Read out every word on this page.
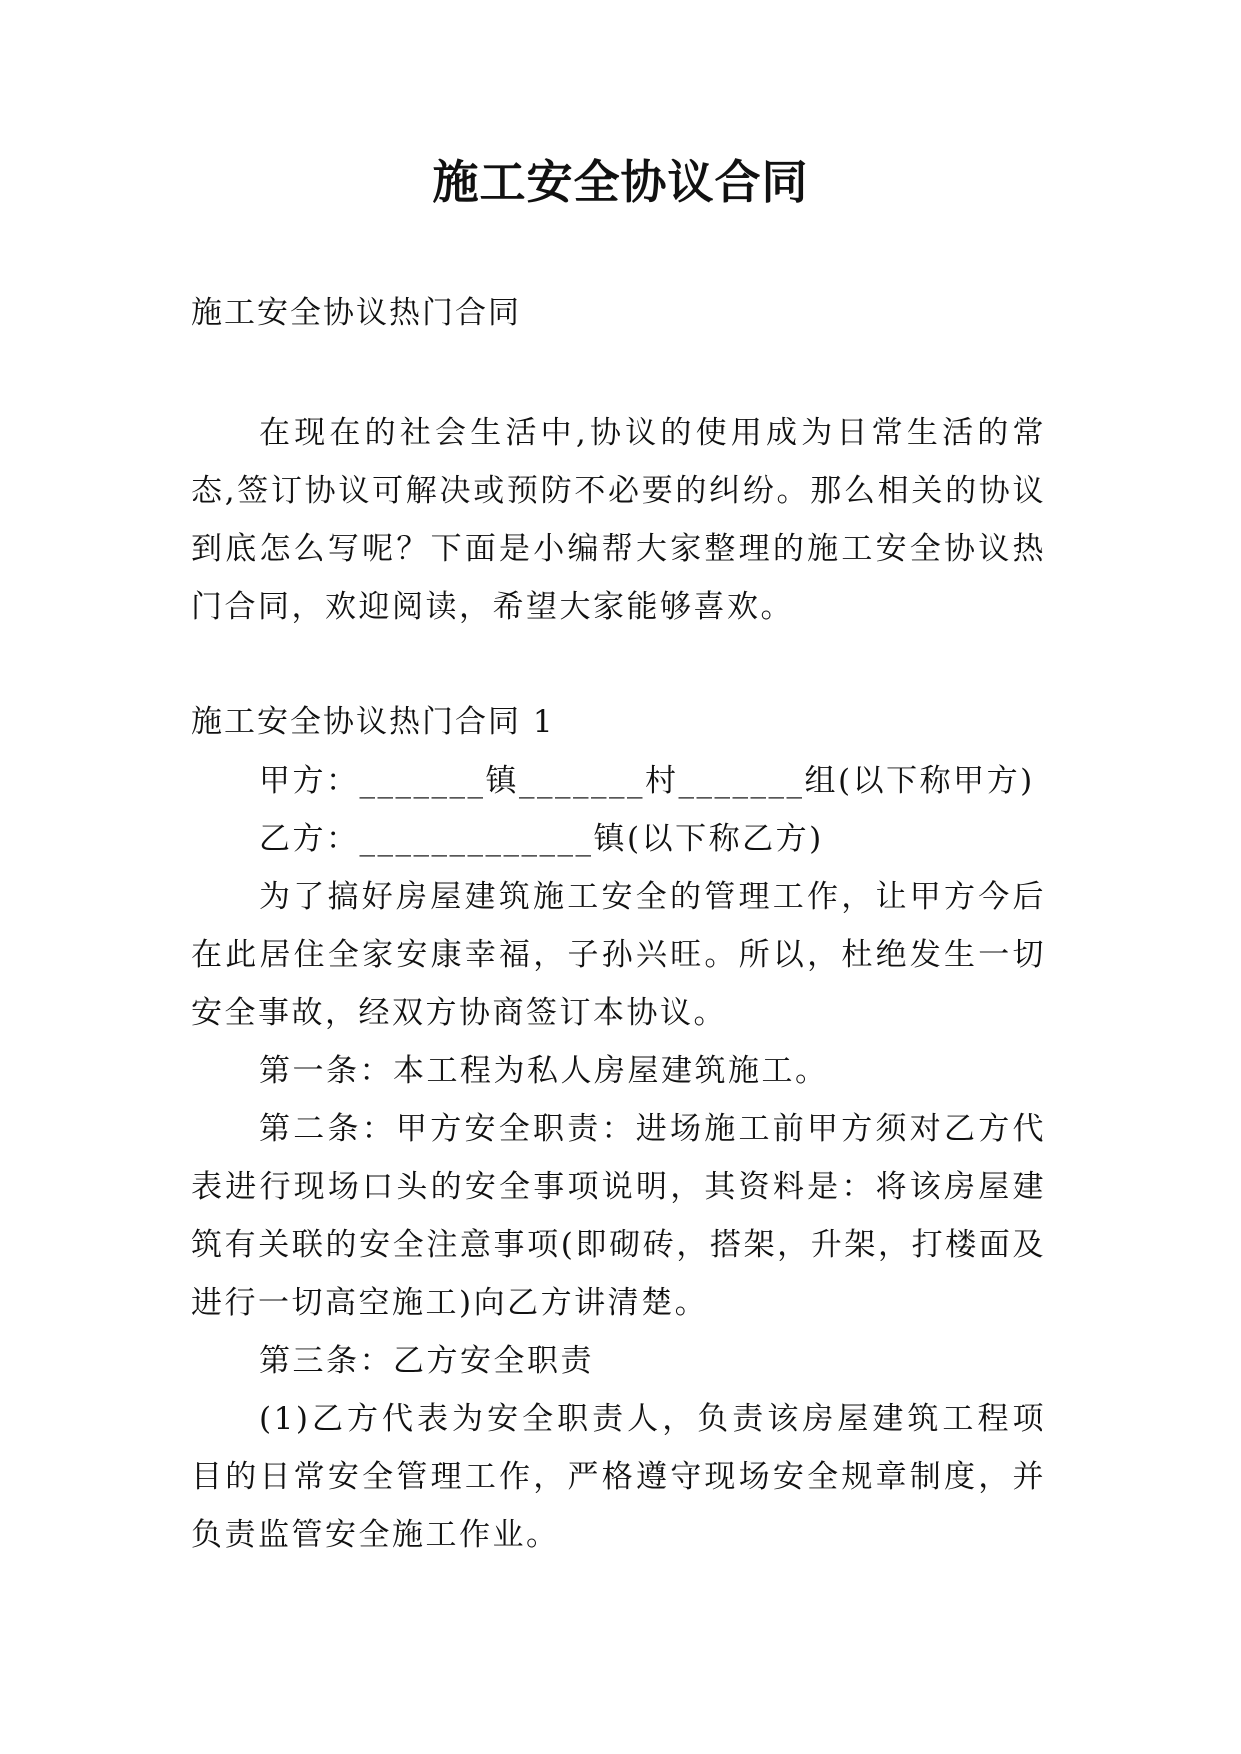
施工安全协议合同
施工安全协议热门合同

在现在的社会生活中,协议的使用成为日常生活的常态,签订协议可解决或预防不必要的纠纷。那么相关的协议到底怎么写呢？下面是小编帮大家整理的施工安全协议热门合同，欢迎阅读，希望大家能够喜欢。

施工安全协议热门合同 1

甲方：_______镇_______村_______组(以下称甲方)

乙方：_____________镇(以下称乙方)

为了搞好房屋建筑施工安全的管理工作，让甲方今后在此居住全家安康幸福，子孙兴旺。所以，杜绝发生一切安全事故，经双方协商签订本协议。

第一条：本工程为私人房屋建筑施工。

第二条：甲方安全职责：进场施工前甲方须对乙方代表进行现场口头的安全事项说明，其资料是：将该房屋建筑有关联的安全注意事项(即砌砖，搭架，升架，打楼面及进行一切高空施工)向乙方讲清楚。

第三条：乙方安全职责

(1)乙方代表为安全职责人，负责该房屋建筑工程项目的日常安全管理工作，严格遵守现场安全规章制度，并负责监管安全施工作业。
